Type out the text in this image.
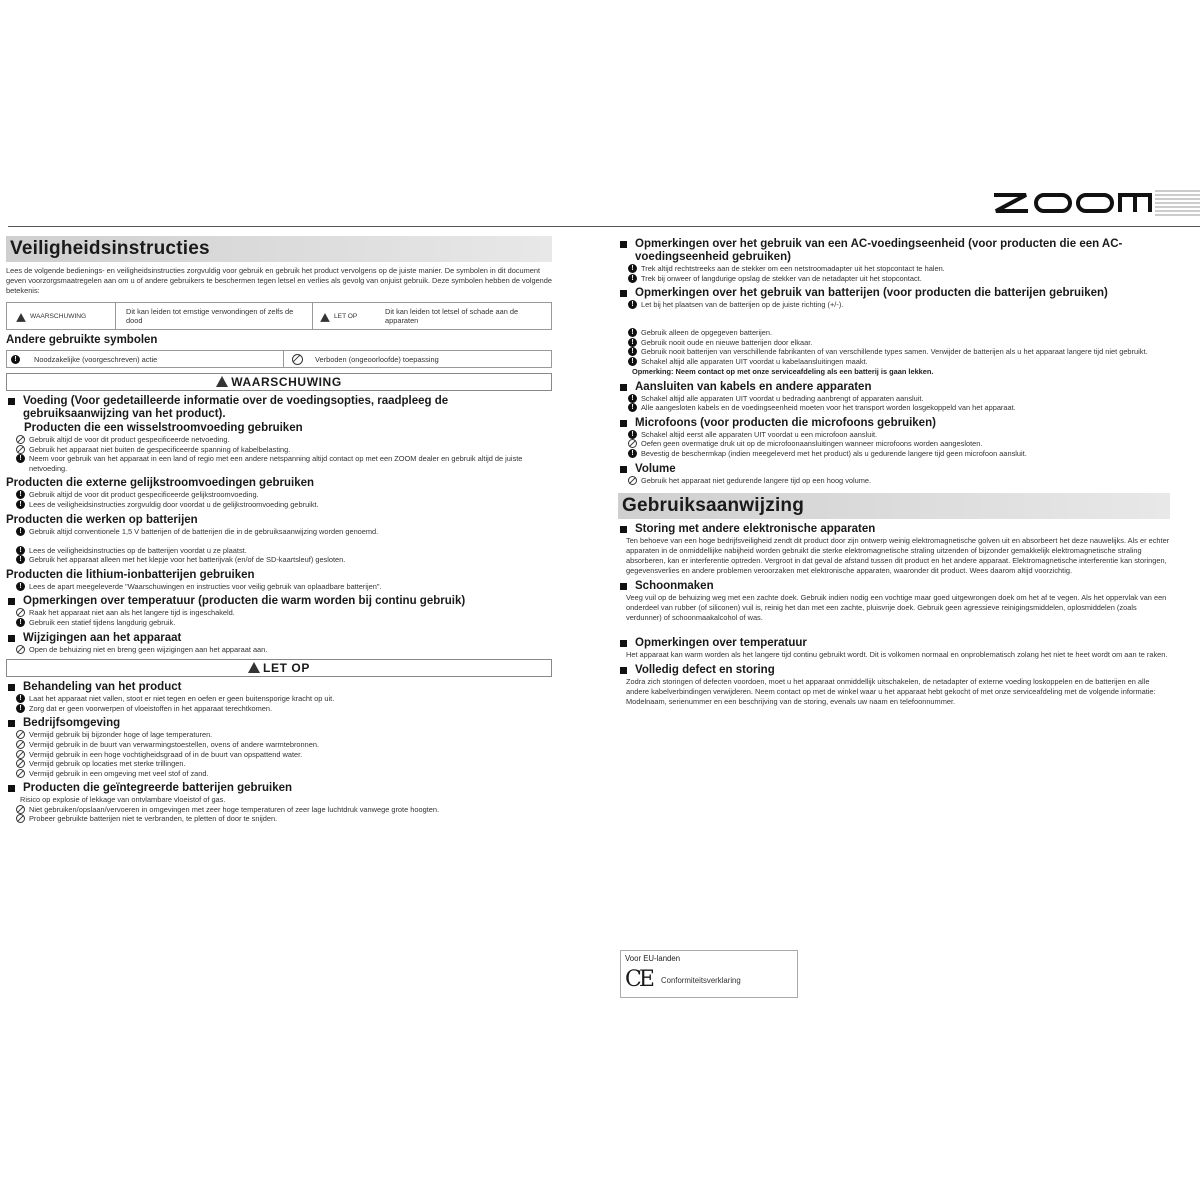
Veiligheidsinstructies
Lees de volgende bedienings- en veiligheidsinstructies zorgvuldig voor gebruik en gebruik het product vervolgens op de juiste manier. De symbolen in dit document geven voorzorgsmaatregelen aan om u of andere gebruikers te beschermen tegen letsel en verlies als gevolg van onjuist gebruik. Deze symbolen hebben de volgende betekenis:
WAARSCHUWING	Dit kan leiden tot ernstige verwondingen of zelfs de dood	LET OP	Dit kan leiden tot letsel of schade aan de apparaten
Andere gebruikte symbolen
!	Noodzakelijke (voorgeschreven) actie	Verboden (ongeoorloofde) toepassing
WAARSCHUWING
Voeding (Voor gedetailleerde informatie over de voedingsopties, raadpleeg de gebruiksaanwijzing van het product).
Producten die een wisselstroomvoeding gebruiken
Gebruik altijd de voor dit product gespecificeerde netvoeding.
Gebruik het apparaat niet buiten de gespecificeerde spanning of kabelbelasting.
! Neem voor gebruik van het apparaat in een land of regio met een andere netspanning altijd contact op met een ZOOM dealer en gebruik altijd de juiste netvoeding.
Producten die externe gelijkstroomvoedingen gebruiken
! Gebruik altijd de voor dit product gespecificeerde gelijkstroomvoeding.
! Lees de veiligheidsinstructies zorgvuldig door voordat u de gelijkstroomvoeding gebruikt.
Producten die werken op batterijen
! Gebruik altijd conventionele 1,5 V batterijen of de batterijen die in de gebruiksaanwijzing worden genoemd.
! Lees de veiligheidsinstructies op de batterijen voordat u ze plaatst.
! Gebruik het apparaat alleen met het klepje voor het batterijvak (en/of de SD-kaartsleuf) gesloten.
Producten die lithium-ionbatterijen gebruiken
! Lees de apart meegeleverde "Waarschuwingen en instructies voor veilig gebruik van oplaadbare batterijen".
Opmerkingen over temperatuur (producten die warm worden bij continu gebruik)
Raak het apparaat niet aan als het langere tijd is ingeschakeld.
! Gebruik een statief tijdens langdurig gebruik.
Wijzigingen aan het apparaat
Open de behuizing niet en breng geen wijzigingen aan het apparaat aan.
LET OP
Behandeling van het product
! Laat het apparaat niet vallen, stoot er niet tegen en oefen er geen buitensporige kracht op uit.
! Zorg dat er geen voorwerpen of vloeistoffen in het apparaat terechtkomen.
Bedrijfsomgeving
Vermijd gebruik bij bijzonder hoge of lage temperaturen.
Vermijd gebruik in de buurt van verwarmingstoestellen, ovens of andere warmtebronnen.
Vermijd gebruik in een hoge vochtigheidsgraad of in de buurt van opspattend water.
Vermijd gebruik op locaties met sterke trillingen.
Vermijd gebruik in een omgeving met veel stof of zand.
Producten die geïntegreerde batterijen gebruiken
Risico op explosie of lekkage van ontvlambare vloeistof of gas.
Niet gebruiken/opslaan/vervoeren in omgevingen met zeer hoge temperaturen of zeer lage luchtdruk vanwege grote hoogten.
Probeer gebruikte batterijen niet te verbranden, te pletten of door te snijden.
Opmerkingen over het gebruik van een AC-voedingseenheid (voor producten die een AC-voedingseenheid gebruiken)
! Trek altijd rechtstreeks aan de stekker om een netstroomadapter uit het stopcontact te halen.
! Trek bij onweer of langdurige opslag de stekker van de netadapter uit het stopcontact.
Opmerkingen over het gebruik van batterijen (voor producten die batterijen gebruiken)
! Let bij het plaatsen van de batterijen op de juiste richting (+/-).
! Gebruik alleen de opgegeven batterijen.
! Gebruik nooit oude en nieuwe batterijen door elkaar.
! Gebruik nooit batterijen van verschillende fabrikanten of van verschillende types samen. Verwijder de batterijen als u het apparaat langere tijd niet gebruikt.
! Schakel altijd alle apparaten UIT voordat u kabelaansluitingen maakt.
Opmerking: Neem contact op met onze serviceafdeling als een batterij is gaan lekken.
Aansluiten van kabels en andere apparaten
! Schakel altijd alle apparaten UIT voordat u bedrading aanbrengt of apparaten aansluit.
! Alle aangesloten kabels en de voedingseenheid moeten voor het transport worden losgekoppeld van het apparaat.
Microfoons (voor producten die microfoons gebruiken)
! Schakel altijd eerst alle apparaten UIT voordat u een microfoon aansluit.
Oefen geen overmatige druk uit op de microfoonaansluitingen wanneer microfoons worden aangesloten.
! Bevestig de beschermkap (indien meegeleverd met het product) als u gedurende langere tijd geen microfoon aansluit.
Volume
Gebruik het apparaat niet gedurende langere tijd op een hoog volume.
Gebruiksaanwijzing
Storing met andere elektronische apparaten
Ten behoeve van een hoge bedrijfsveiligheid zendt dit product door zijn ontwerp weinig elektromagnetische golven uit en absorbeert het deze nauwelijks. Als er echter apparaten in de onmiddellijke nabijheid worden gebruikt die sterke elektromagnetische straling uitzenden of bijzonder gemakkelijk elektromagnetische straling absorberen, kan er interferentie optreden. Vergroot in dat geval de afstand tussen dit product en het andere apparaat. Elektromagnetische interferentie kan storingen, gegevensverlies en andere problemen veroorzaken met elektronische apparaten, waaronder dit product. Wees daarom altijd voorzichtig.
Schoonmaken
Veeg vuil op de behuizing weg met een zachte doek. Gebruik indien nodig een vochtige maar goed uitgewrongen doek om het af te vegen. Als het oppervlak van een onderdeel van rubber (of siliconen) vuil is, reinig het dan met een zachte, pluisvrije doek. Gebruik geen agressieve reinigingsmiddelen, oplosmiddelen (zoals verdunner) of schoonmaakalcohol of was.
Opmerkingen over temperatuur
Het apparaat kan warm worden als het langere tijd continu gebruikt wordt. Dit is volkomen normaal en onproblematisch zolang het niet te heet wordt om aan te raken.
Volledig defect en storing
Zodra zich storingen of defecten voordoen, moet u het apparaat onmiddellijk uitschakelen, de netadapter of externe voeding loskoppelen en de batterijen en alle andere kabelverbindingen verwijderen. Neem contact op met de winkel waar u het apparaat hebt gekocht of met onze serviceafdeling met de volgende informatie: Modelnaam, serienummer en een beschrijving van de storing, evenals uw naam en telefoonnummer.
Voor EU-landen
CE Conformiteitsverklaring
